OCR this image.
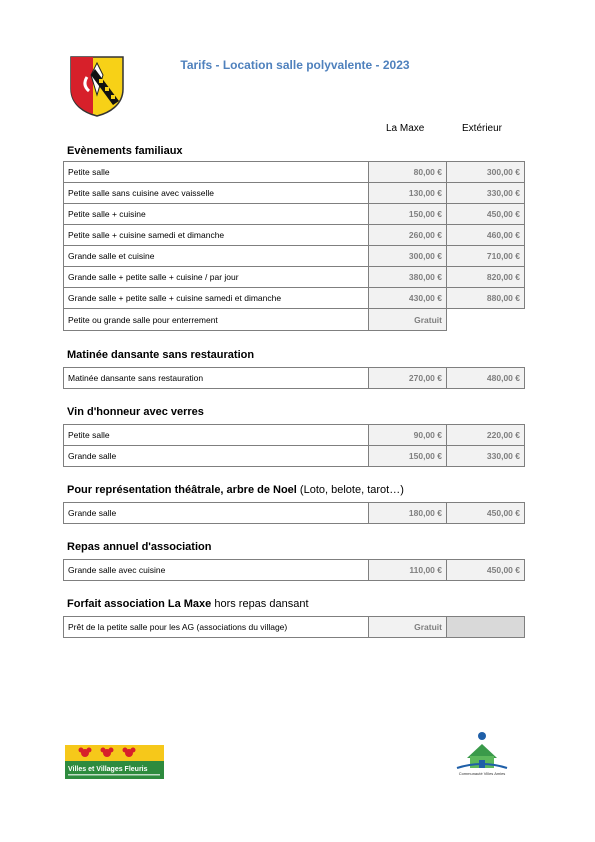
Tarifs - Location salle polyvalente - 2023
La Maxe	Extérieur
Evènements familiaux
Petite salle	80,00 €	300,00 €
Petite salle sans cuisine avec vaisselle	130,00 €	330,00 €
Petite salle + cuisine	150,00 €	450,00 €
Petite salle + cuisine samedi et dimanche	260,00 €	460,00 €
Grande salle et cuisine	300,00 €	710,00 €
Grande salle + petite salle + cuisine / par jour	380,00 €	820,00 €
Grande salle + petite salle + cuisine samedi et dimanche	430,00 €	880,00 €
Petite ou grande salle pour enterrement	Gratuit	
Matinée dansante sans restauration
Matinée dansante sans restauration	270,00 €	480,00 €
Vin d'honneur avec verres
Petite salle	90,00 €	220,00 €
Grande salle	150,00 €	330,00 €
Pour représentation théâtrale, arbre de Noel (Loto, belote, tarot…)
Grande salle	180,00 €	450,00 €
Repas annuel d'association
Grande salle avec cuisine	110,00 €	450,00 €
Forfait association La Maxe hors repas dansant
Prêt de la petite salle pour les AG (associations du village)	Gratuit	
Villes et Villages Fleuris
Communauté Villes Amies
